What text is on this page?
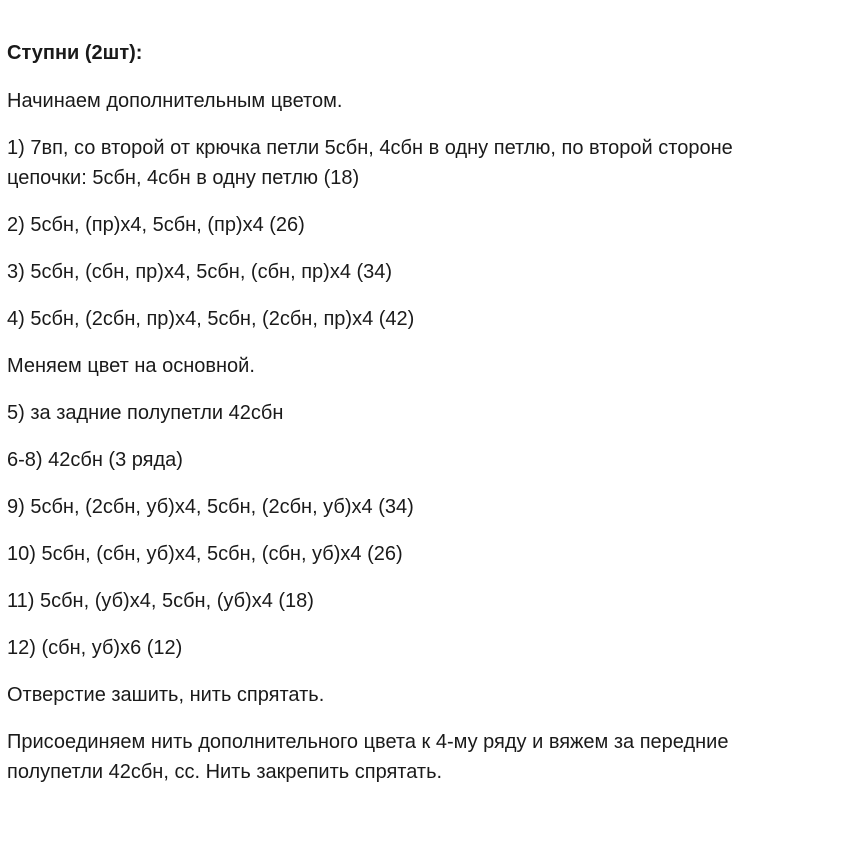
Ступни (2шт):
Начинаем дополнительным цветом.
1) 7вп, со второй от крючка петли 5сбн, 4сбн в одну петлю, по второй стороне
цепочки: 5сбн, 4сбн в одну петлю (18)
2) 5сбн, (пр)х4, 5сбн, (пр)х4 (26)
3) 5сбн, (сбн, пр)х4, 5сбн, (сбн, пр)х4 (34)
4) 5сбн, (2сбн, пр)х4, 5сбн, (2сбн, пр)х4 (42)
Меняем цвет на основной.
5) за задние полупетли 42сбн
6-8) 42сбн (3 ряда)
9) 5сбн, (2сбн, уб)х4, 5сбн, (2сбн, уб)х4 (34)
10) 5сбн, (сбн, уб)х4, 5сбн, (сбн, уб)х4 (26)
11) 5сбн, (уб)х4, 5сбн, (уб)х4 (18)
12) (сбн, уб)х6 (12)
Отверстие зашить, нить спрятать.
Присоединяем нить дополнительного цвета к 4-му ряду и вяжем за передние
полупетли 42сбн, сс. Нить закрепить спрятать.
